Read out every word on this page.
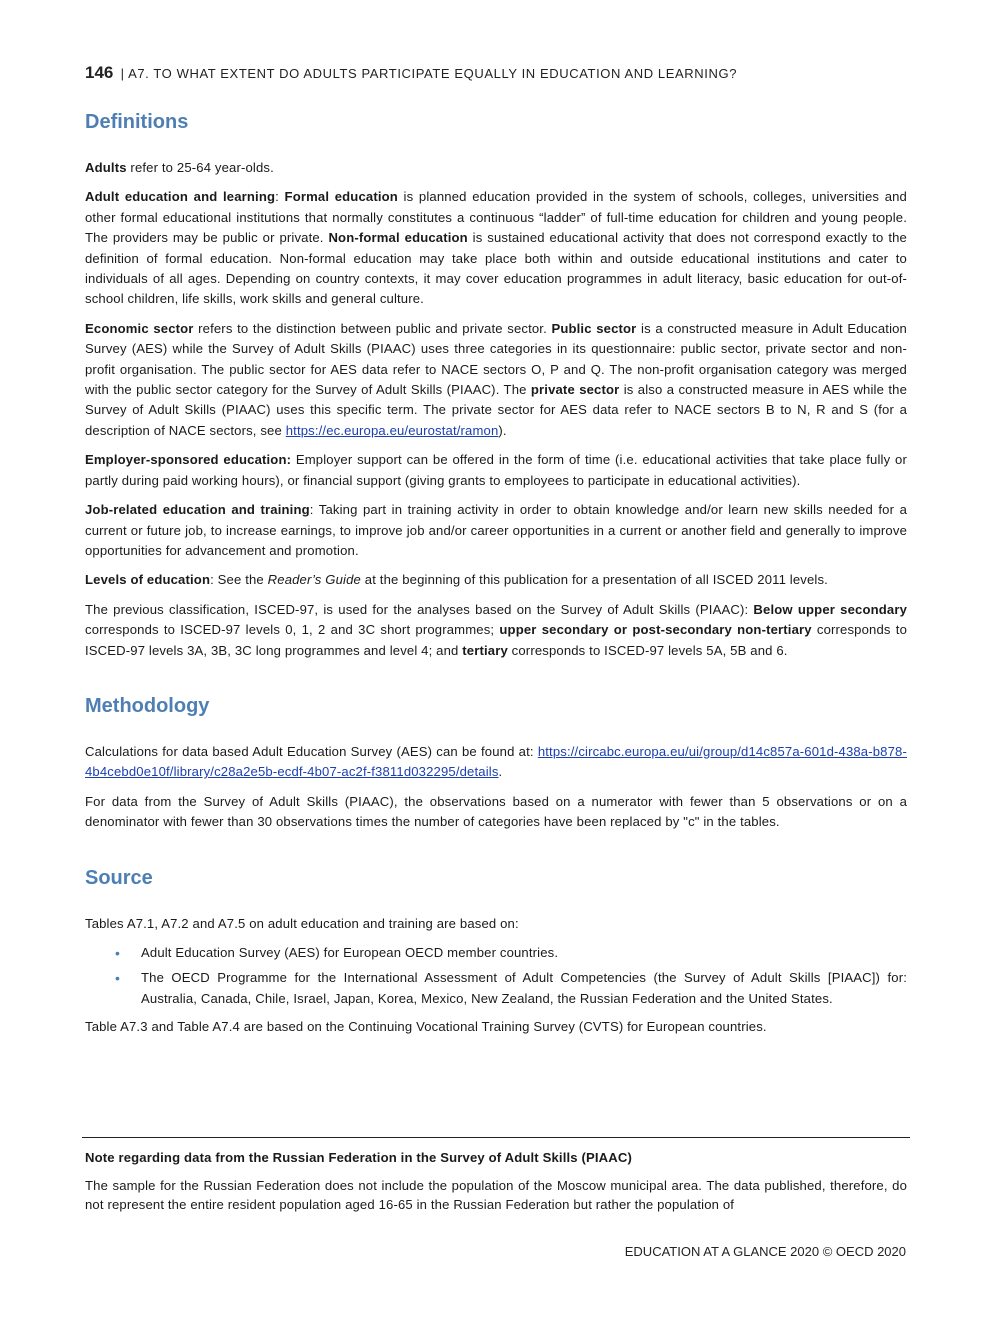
146 | A7. TO WHAT EXTENT DO ADULTS PARTICIPATE EQUALLY IN EDUCATION AND LEARNING?
Definitions

Adults refer to 25-64 year-olds.

Adult education and learning: Formal education is planned education provided in the system of schools, colleges, universities and other formal educational institutions that normally constitutes a continuous “ladder” of full-time education for children and young people. The providers may be public or private. Non-formal education is sustained educational activity that does not correspond exactly to the definition of formal education. Non-formal education may take place both within and outside educational institutions and cater to individuals of all ages. Depending on country contexts, it may cover education programmes in adult literacy, basic education for out-of-school children, life skills, work skills and general culture.

Economic sector refers to the distinction between public and private sector. Public sector is a constructed measure in Adult Education Survey (AES) while the Survey of Adult Skills (PIAAC) uses three categories in its questionnaire: public sector, private sector and non-profit organisation. The public sector for AES data refer to NACE sectors O, P and Q. The non-profit organisation category was merged with the public sector category for the Survey of Adult Skills (PIAAC). The private sector is also a constructed measure in AES while the Survey of Adult Skills (PIAAC) uses this specific term. The private sector for AES data refer to NACE sectors B to N, R and S (for a description of NACE sectors, see https://ec.europa.eu/eurostat/ramon).

Employer-sponsored education: Employer support can be offered in the form of time (i.e. educational activities that take place fully or partly during paid working hours), or financial support (giving grants to employees to participate in educational activities).

Job-related education and training: Taking part in training activity in order to obtain knowledge and/or learn new skills needed for a current or future job, to increase earnings, to improve job and/or career opportunities in a current or another field and generally to improve opportunities for advancement and promotion.

Levels of education: See the Reader’s Guide at the beginning of this publication for a presentation of all ISCED 2011 levels.

The previous classification, ISCED-97, is used for the analyses based on the Survey of Adult Skills (PIAAC): Below upper secondary corresponds to ISCED-97 levels 0, 1, 2 and 3C short programmes; upper secondary or post-secondary non-tertiary corresponds to ISCED-97 levels 3A, 3B, 3C long programmes and level 4; and tertiary corresponds to ISCED-97 levels 5A, 5B and 6.

Methodology

Calculations for data based Adult Education Survey (AES) can be found at: https://circabc.europa.eu/ui/group/d14c857a-601d-438a-b878-4b4cebd0e10f/library/c28a2e5b-ecdf-4b07-ac2f-f3811d032295/details.

For data from the Survey of Adult Skills (PIAAC), the observations based on a numerator with fewer than 5 observations or on a denominator with fewer than 30 observations times the number of categories have been replaced by "c" in the tables.

Source

Tables A7.1, A7.2 and A7.5 on adult education and training are based on:

• Adult Education Survey (AES) for European OECD member countries.
• The OECD Programme for the International Assessment of Adult Competencies (the Survey of Adult Skills [PIAAC]) for: Australia, Canada, Chile, Israel, Japan, Korea, Mexico, New Zealand, the Russian Federation and the United States.

Table A7.3 and Table A7.4 are based on the Continuing Vocational Training Survey (CVTS) for European countries.

Note regarding data from the Russian Federation in the Survey of Adult Skills (PIAAC)

The sample for the Russian Federation does not include the population of the Moscow municipal area. The data published, therefore, do not represent the entire resident population aged 16-65 in the Russian Federation but rather the population of

EDUCATION AT A GLANCE 2020 © OECD 2020
